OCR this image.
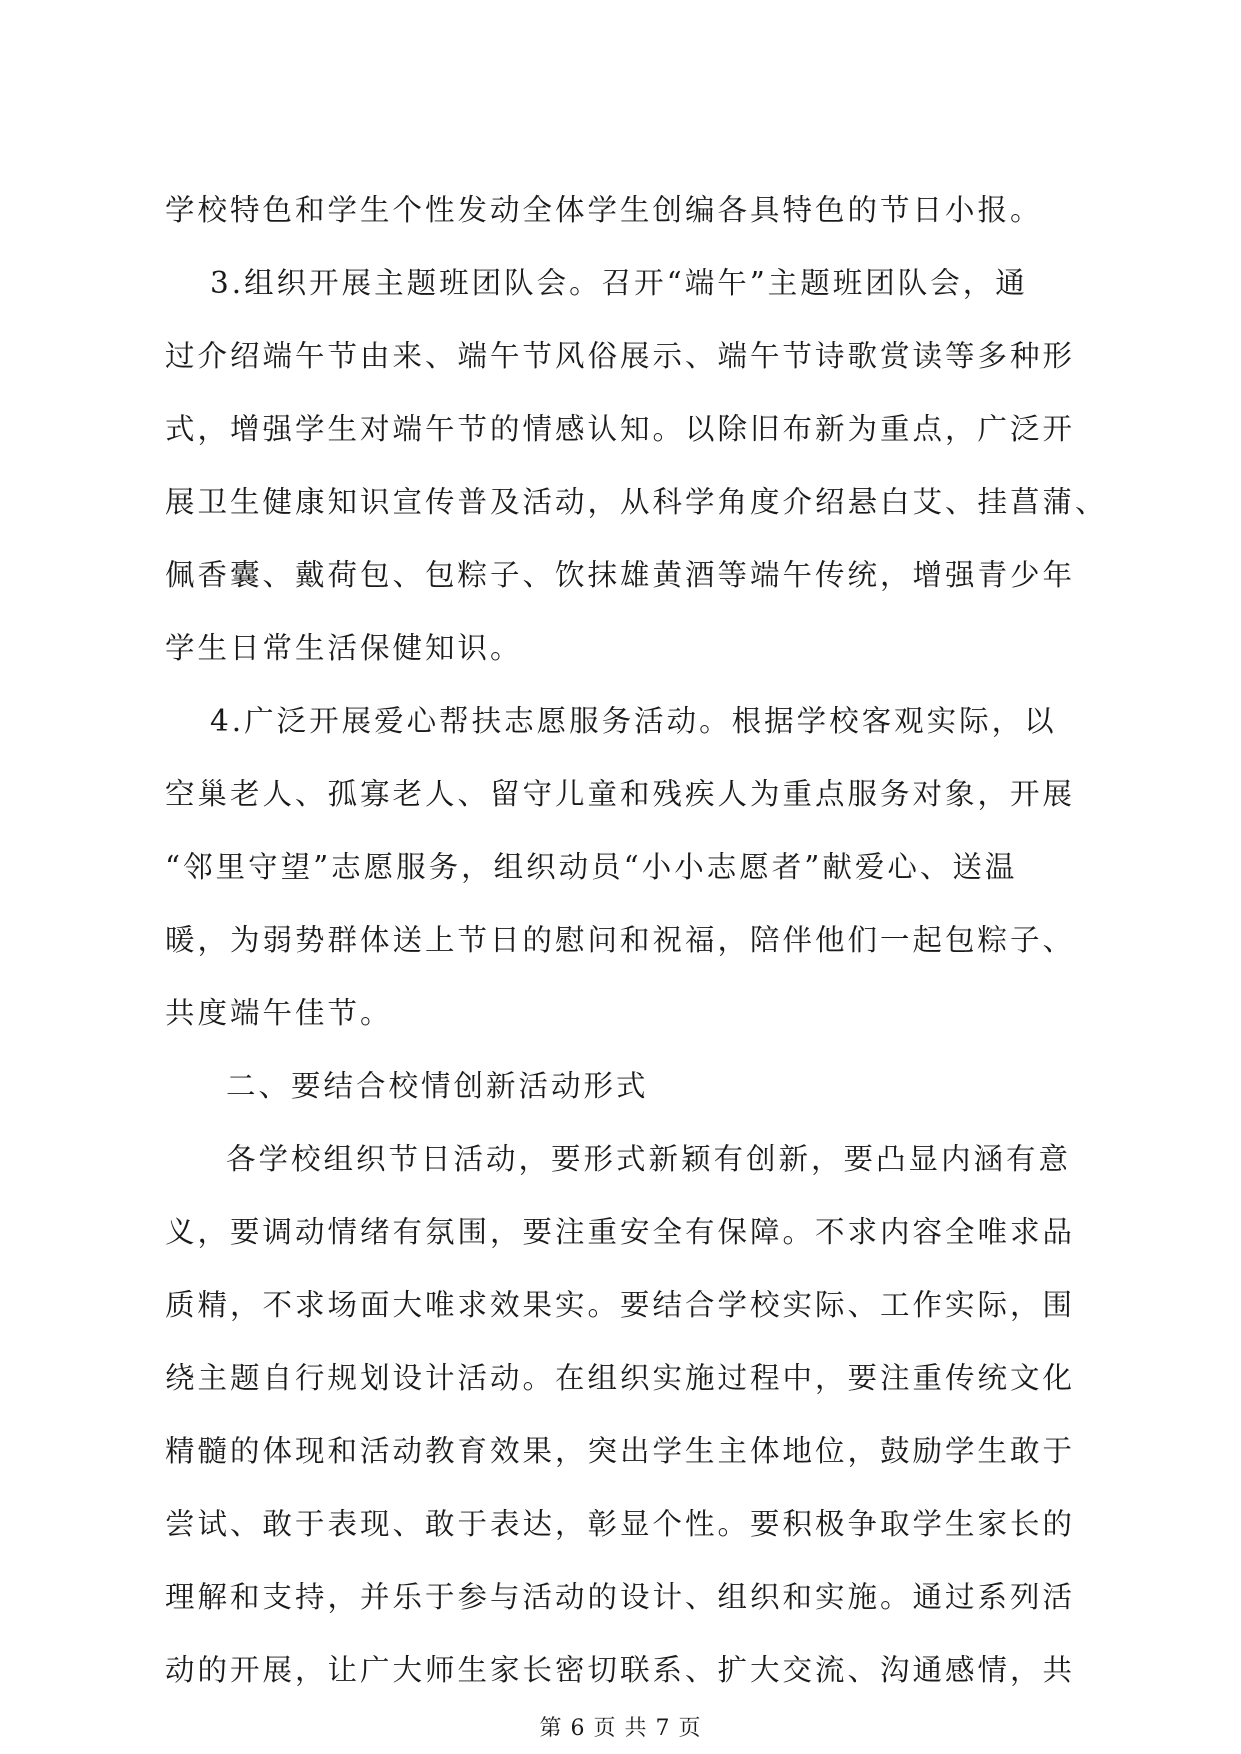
学校特色和学生个性发动全体学生创编各具特色的节日小报。
3.组织开展主题班团队会。召开“端午”主题班团队会，通
过介绍端午节由来、端午节风俗展示、端午节诗歌赏读等多种形
式，增强学生对端午节的情感认知。以除旧布新为重点，广泛开
展卫生健康知识宣传普及活动，从科学角度介绍悬白艾、挂菖蒲、
佩香囊、戴荷包、包粽子、饮抹雄黄酒等端午传统，增强青少年
学生日常生活保健知识。
4.广泛开展爱心帮扶志愿服务活动。根据学校客观实际，以
空巢老人、孤寡老人、留守儿童和残疾人为重点服务对象，开展
“邻里守望”志愿服务，组织动员“小小志愿者”献爱心、送温
暖，为弱势群体送上节日的慰问和祝福，陪伴他们一起包粽子、
共度端午佳节。
二、要结合校情创新活动形式
各学校组织节日活动，要形式新颖有创新，要凸显内涵有意
义，要调动情绪有氛围，要注重安全有保障。不求内容全唯求品
质精，不求场面大唯求效果实。要结合学校实际、工作实际，围
绕主题自行规划设计活动。在组织实施过程中，要注重传统文化
精髓的体现和活动教育效果，突出学生主体地位，鼓励学生敢于
尝试、敢于表现、敢于表达，彰显个性。要积极争取学生家长的
理解和支持，并乐于参与活动的设计、组织和实施。通过系列活
动的开展，让广大师生家长密切联系、扩大交流、沟通感情，共
第 6 页 共 7 页
